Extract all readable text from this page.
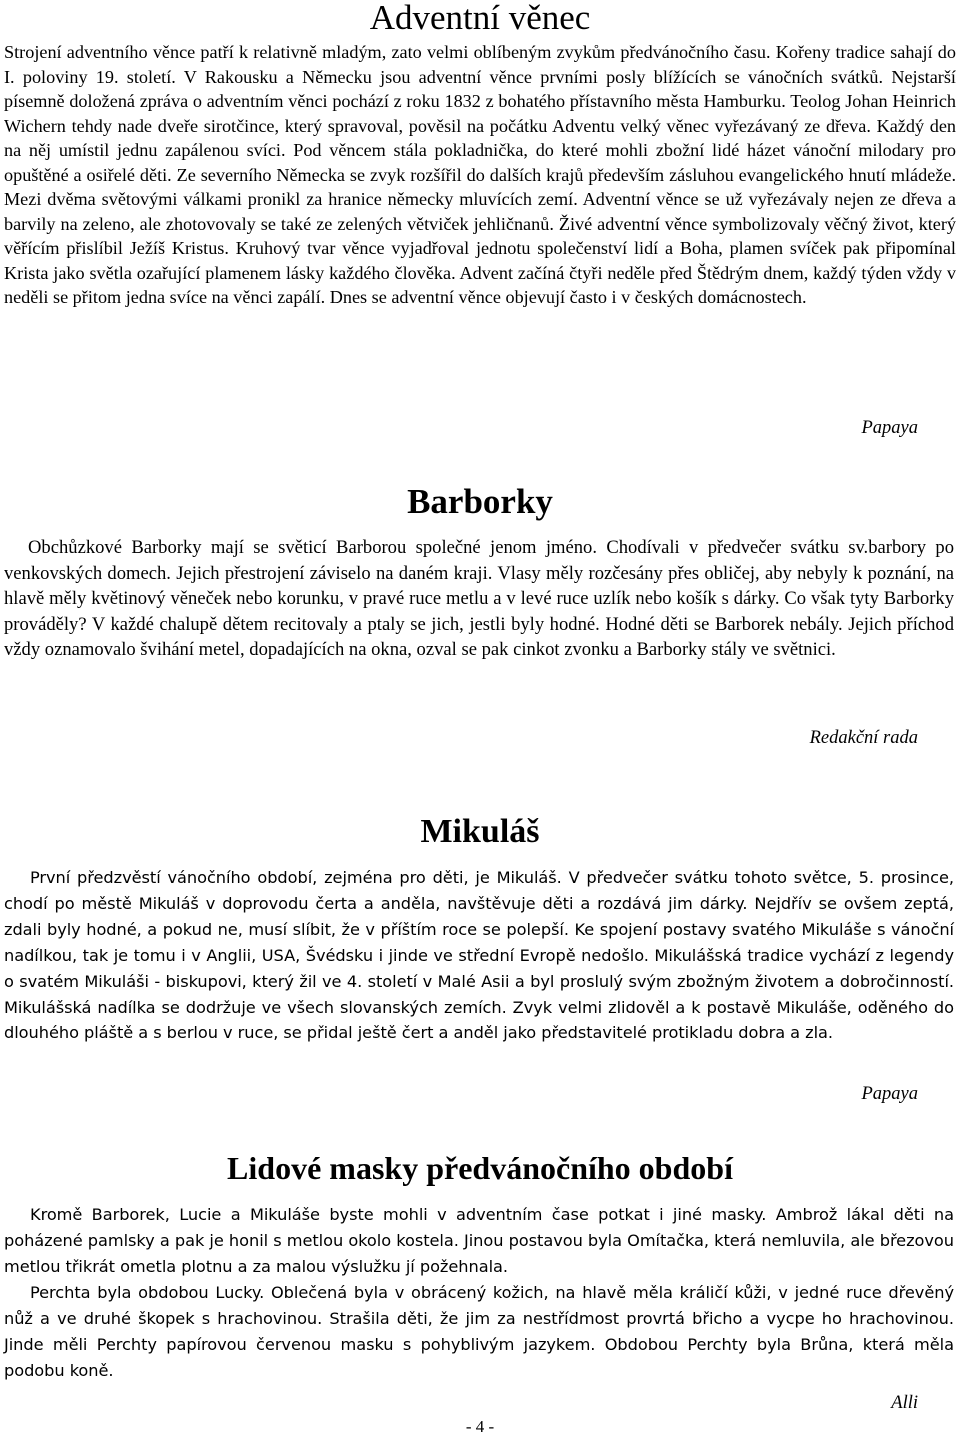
Adventní věnec

Strojení adventního věnce patří k relativně mladým, zato velmi oblíbeným zvykům předvánočního času. Kořeny tradice sahají do I. poloviny 19. století. V Rakousku a Německu jsou adventní věnce prvními posly blížících se vánočních svátků. Nejstarší písemně doložená zpráva o adventním věnci pochází z roku 1832 z bohatého přístavního města Hamburku. Teolog Johan Heinrich Wichern tehdy nade dveře sirotčince, který spravoval, pověsil na počátku Adventu velký věnec vyřezávaný ze dřeva. Každý den na něj umístil jednu zapálenou svíci. Pod věncem stála pokladnička, do které mohli zbožní lidé házet vánoční milodary pro opuštěné a osiřelé děti. Ze severního Německa se zvyk rozšířil do dalších krajů především zásluhou evangelického hnutí mládeže. Mezi dvěma světovými válkami pronikl za hranice německy mluvících zemí. Adventní věnce se už vyřezávaly nejen ze dřeva a barvily na zeleno, ale zhotovovaly se také ze zelených větviček jehličnanů. Živé adventní věnce symbolizovaly věčný život, který věřícím přislíbil Ježíš Kristus. Kruhový tvar věnce vyjadřoval jednotu společenství lidí a Boha, plamen svíček pak připomínal Krista jako světla ozařující plamenem lásky každého člověka. Advent začíná čtyři neděle před Štědrým dnem, každý týden vždy v neděli se přitom jedna svíce na věnci zapálí. Dnes se adventní věnce objevují často i v českých domácnostech.

Papaya
Barborky

Obchůzkové Barborky mají se světicí Barborou společné jenom jméno. Chodívali v předvečer svátku sv.barbory po venkovských domech. Jejich přestrojení záviselo na daném kraji. Vlasy měly rozčesány přes obličej, aby nebyly k poznání, na hlavě měly květinový věneček nebo korunku, v pravé ruce metlu a v levé ruce uzlík nebo košík s dárky. Co však tyty Barborky prováděly? V každé chalupě dětem recitovaly a ptaly se jich, jestli byly hodné. Hodné děti se Barborek nebály. Jejich příchod vždy oznamovalo švihání metel, dopadajících na okna, ozval se pak cinkot zvonku a Barborky stály ve světnici.

Redakční rada
Mikuláš

První předzvěstí vánočního období, zejména pro děti, je Mikuláš. V předvečer svátku tohoto světce, 5. prosince, chodí po městě Mikuláš v doprovodu čerta a anděla, navštěvuje děti a rozdává jim dárky. Nejdřív se ovšem zeptá, zdali byly hodné, a pokud ne, musí slíbit, že v příštím roce se polepší. Ke spojení postavy svatého Mikuláše s vánoční nadílkou, tak je tomu i v Anglii, USA, Švédsku i jinde ve střední Evropě nedošlo. Mikulášská tradice vychází z legendy o svatém Mikuláši - biskupovi, který žil ve 4. století v Malé Asii a byl proslulý svým zbožným životem a dobročinností. Mikulášská nadílka se dodržuje ve všech slovanských zemích. Zvyk velmi zlidověl a k postavě Mikuláše, oděného do dlouhého pláště a s berlou v ruce, se přidal ještě čert a anděl jako představitelé protikladu dobra a zla.

Papaya
Lidové masky předvánočního období

Kromě Barborek, Lucie a Mikuláše byste mohli v adventním čase potkat i jiné masky. Ambrož lákal děti na poházené pamlsky a pak je honil s metlou okolo kostela. Jinou postavou byla Omítačka, která nemluvila, ale březovou metlou třikrát ometla plotnu a za malou výslužku jí požehnala.

Perchta byla obdobou Lucky. Oblečená byla v obrácený kožich, na hlavě měla králičí kůži, v jedné ruce dřevěný nůž a ve druhé škopek s hrachovinou. Strašila děti, že jim za nestřídmost provrtá břicho a vycpe ho hrachovinou. Jinde měli Perchty papírovou červenou masku s pohyblivým jazykem. Obdobou Perchty byla Brůna, která měla podobu koně.

Alli
- 4 -
